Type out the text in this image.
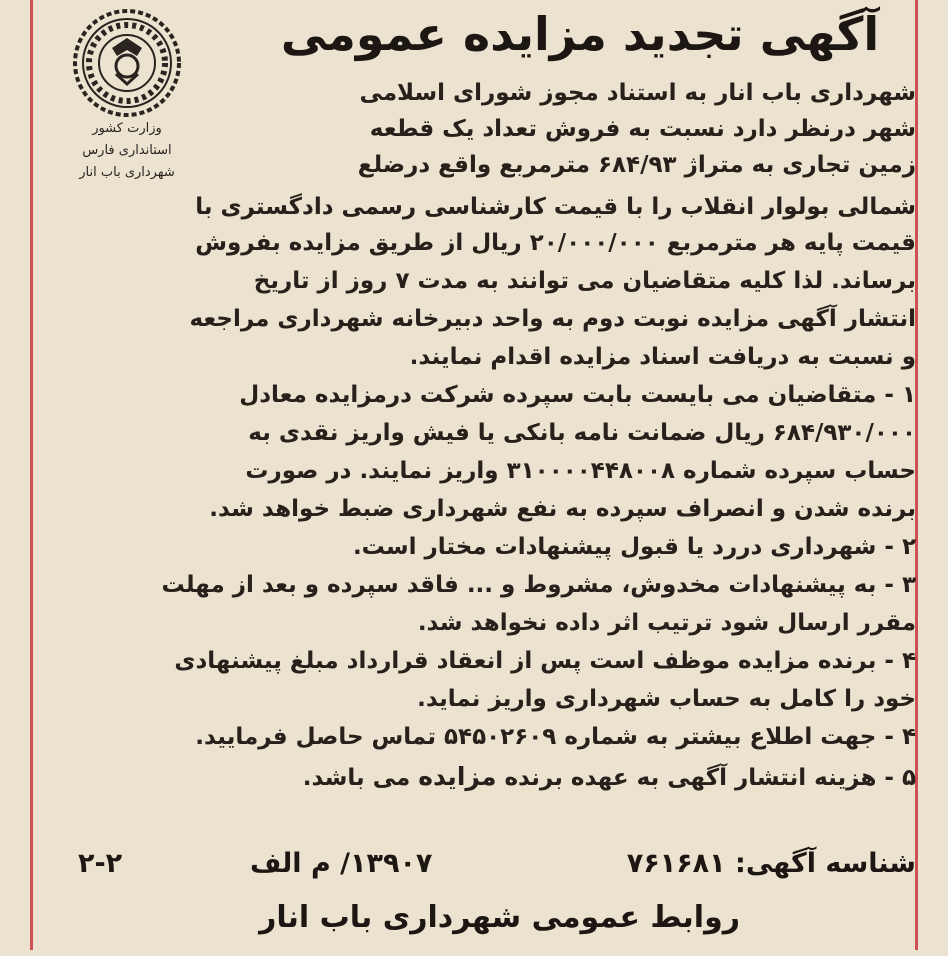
وزارت کشور
استانداری فارس
شهرداری باب انار
آگهی تجدید مزایده عمومی
شهرداری باب انار به استناد مجوز شورای اسلامی
شهر درنظر دارد نسبت به فروش تعداد یک قطعه
زمین تجاری به متراژ ۶۸۴/۹۳ مترمربع واقع درضلع
شمالی بولوار انقلاب را با قیمت کارشناسی رسمی دادگستری با
قیمت پایه هر مترمربع ۲۰/۰۰۰/۰۰۰ ریال از طریق مزایده بفروش
برساند. لذا کلیه متقاضیان می توانند به مدت ۷ روز از تاریخ
انتشار آگهی مزایده نوبت دوم به واحد دبیرخانه شهرداری مراجعه
و نسبت به دریافت اسناد مزایده اقدام نمایند.
۱ - متقاضیان می بایست بابت سپرده شرکت درمزایده معادل
۶۸۴/۹۳۰/۰۰۰ ریال ضمانت نامه بانکی یا فیش واریز نقدی به
حساب سپرده شماره ۳۱۰۰۰۰۴۴۸۰۰۸ واریز نمایند. در صورت
برنده شدن و انصراف سپرده به نفع شهرداری ضبط خواهد شد.
۲ - شهرداری دررد یا قبول پیشنهادات مختار است.
۳ - به پیشنهادات مخدوش، مشروط و ... فاقد سپرده و بعد از مهلت
مقرر ارسال شود ترتیب اثر داده نخواهد شد.
۴ - برنده مزایده موظف است پس از انعقاد قرارداد مبلغ پیشنهادی
خود را کامل به حساب شهرداری واریز نماید.
۴ - جهت اطلاع بیشتر به شماره ۵۴۵۰۲۶۰۹ تماس حاصل فرمایید.
۵ - هزینه انتشار آگهی به عهده برنده مزایده می باشد.
شناسه آگهی: ۷۶۱۶۸۱
۱۳۹۰۷/ م الف
۲-۲
روابط عمومی شهرداری باب انار
